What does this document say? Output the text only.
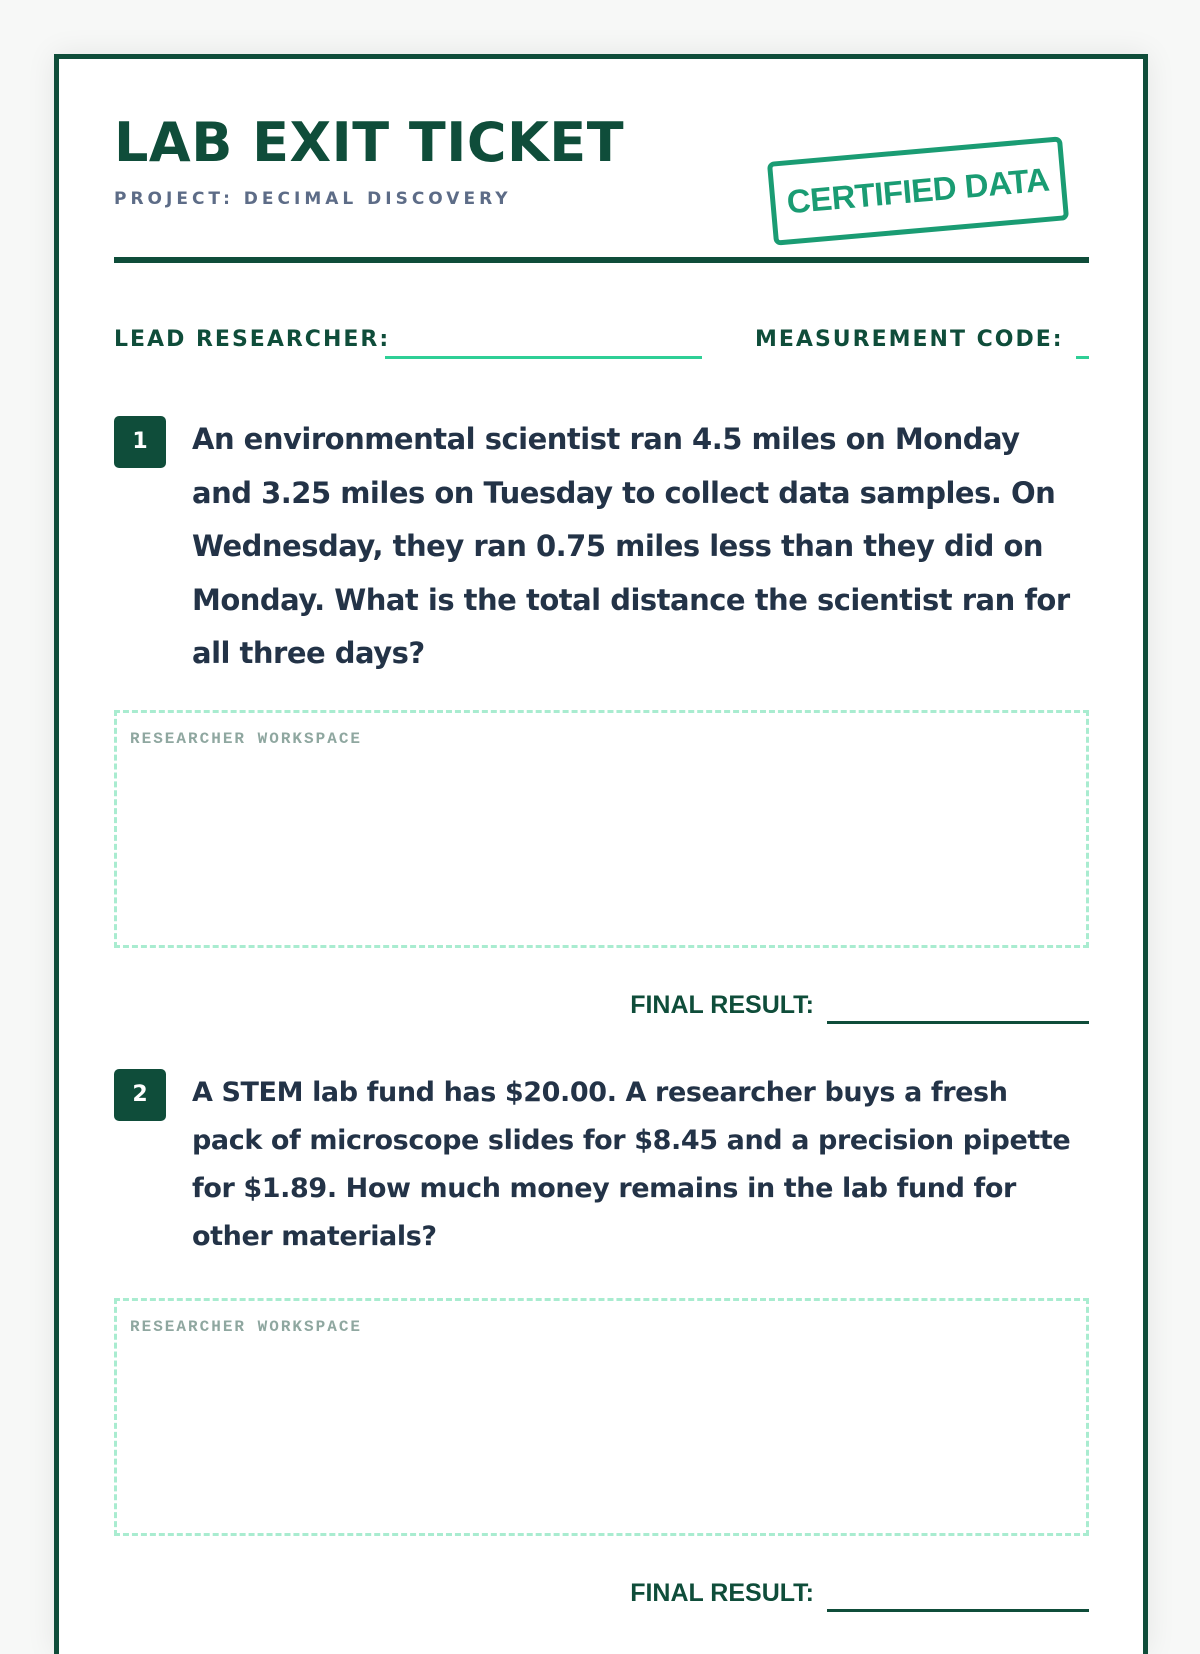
LAB EXIT TICKET
PROJECT: DECIMAL DISCOVERY	CERTIFIED DATA
LEAD RESEARCHER:	MEASUREMENT CODE:
1	An environmental scientist ran 4.5 miles on Monday and 3.25 miles on Tuesday to collect data samples. On Wednesday, they ran 0.75 miles less than they did on Monday. What is the total distance the scientist ran for all three days?
RESEARCHER WORKSPACE
FINAL RESULT:
2	A STEM lab fund has $20.00. A researcher buys a fresh pack of microscope slides for $8.45 and a precision pipette for $1.89. How much money remains in the lab fund for other materials?
RESEARCHER WORKSPACE
FINAL RESULT:
